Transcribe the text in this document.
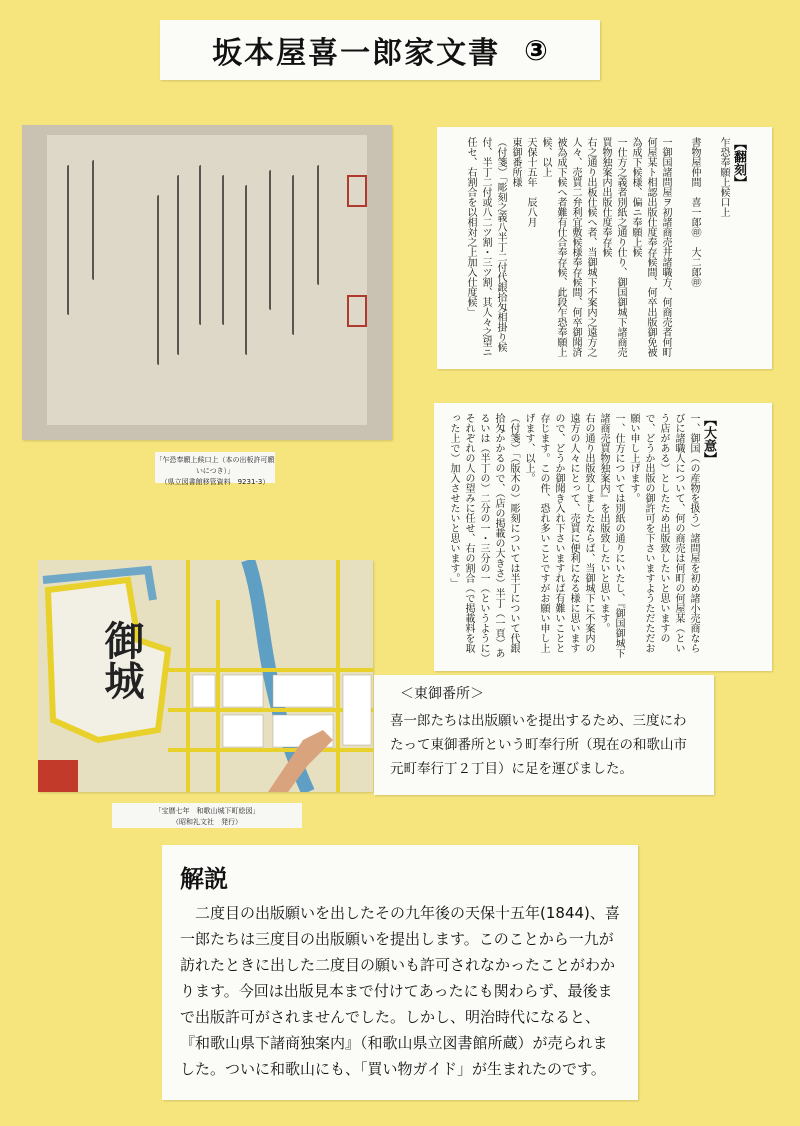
坂本屋喜一郎家文書 ③
「乍恐奉願上候口上（本の出板許可願いにつき）」
（県立図書館移管資料　9231-3）
【翻刻】

乍恐奉願上候口上

書物屋仲間　喜一郎㊞　大二郎㊞

一御国諸問屋ヲ初諸商売井諸職方、何商売者何町何屋某ト相認出版仕度奉存候間、何卒出版御免被為成下候様、偏ニ奉願上候

一仕方之義者別紙之通り仕り、御国御城下諸商売買物独案内出版仕度奉存候

右之通り出板仕候へ者、当御城下不案内之遠方之人々、売買二弁利宜敷候様奉存候間、何卒御聞済被為成下候へ者難有仕合奉存候、此段乍恐奉願上候、以上

天保十五年　辰八月

東御番所様

（付箋）「彫刻之義八半丁二付代銀拾匁相掛り候付、半丁二付或八二ツ割・三ツ割、其人々之望ニ任セ、右割合を以相対之上加入仕度候」

【大意】

一、御国（の産物を扱う）諸問屋を初め諸小売商ならびに諸職人について、何の商売は何町の何屋某（という店がある）としたため出版致したいと思いますので、どうか出版の御許可を下さいますようただただお願い申し上げます。

一、仕方については別紙の通りにいたし、『御国御城下諸商売買物独案内』を出版致したいと思います。

右の通り出版致しましたならば、当御城下に不案内の遠方の人々にとって、売買に便利になる様に思いますので、どうか御聞き入れ下さいますれば有難いことと存じます。この件、恐れ多いことですがお願い申し上げます、以上。

（付箋）「（版木の）彫刻については半丁について代銀拾匁かかるので、（店の掲載の大きさ）半丁（一頁）あるいは（半丁の）二分の一・三分の一（というように）それぞれの人の望みに任せ、右の割合（で掲載料を取った上で）加入させたいと思います。」

御城
「宝暦七年　和歌山城下町絵図」
（昭和礼文社　発行）
＜東御番所＞
喜一郎たちは出版願いを提出するため、三度にわたって東御番所という町奉行所（現在の和歌山市元町奉行丁２丁目）に足を運びました。
解説

二度目の出版願いを出したその九年後の天保十五年(1844)、喜一郎たちは三度目の出版願いを提出します。このことから一九が訪れたときに出した二度目の願いも許可されなかったことがわかります。今回は出版見本まで付けてあったにも関わらず、最後まで出版許可がされませんでした。しかし、明治時代になると、『和歌山県下諸商独案内』（和歌山県立図書館所蔵）が売られました。ついに和歌山にも、「買い物ガイド」が生まれたのです。
